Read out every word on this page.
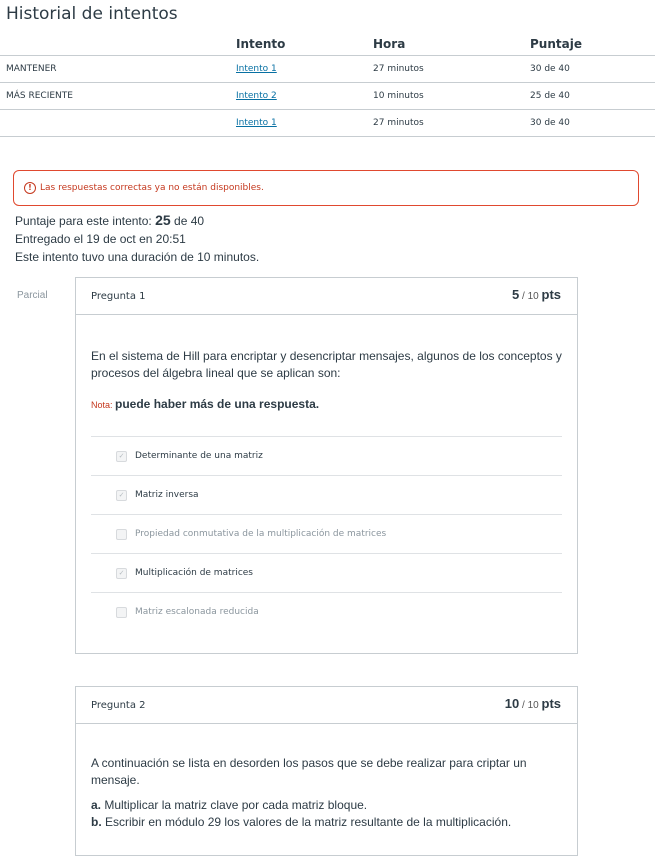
Historial de intentos
	Intento	Hora	Puntaje
MANTENER	Intento 1	27 minutos	30 de 40
MÁS RECIENTE	Intento 2	10 minutos	25 de 40
	Intento 1	27 minutos	30 de 40
! Las respuestas correctas ya no están disponibles.
Puntaje para este intento: 25 de 40
Entregado el 19 de oct en 20:51
Este intento tuvo una duración de 10 minutos.
Parcial	Pregunta 1	5 / 10 pts
En el sistema de Hill para encriptar y desencriptar mensajes, algunos de los conceptos y procesos del álgebra lineal que se aplican son:
Nota: puede haber más de una respuesta.
✓ Determinante de una matriz
✓ Matriz inversa
Propiedad conmutativa de la multiplicación de matrices
✓ Multiplicación de matrices
Matriz escalonada reducida
Pregunta 2	10 / 10 pts
A continuación se lista en desorden los pasos que se debe realizar para criptar un mensaje.
a. Multiplicar la matriz clave por cada matriz bloque.
b. Escribir en módulo 29 los valores de la matriz resultante de la multiplicación.
